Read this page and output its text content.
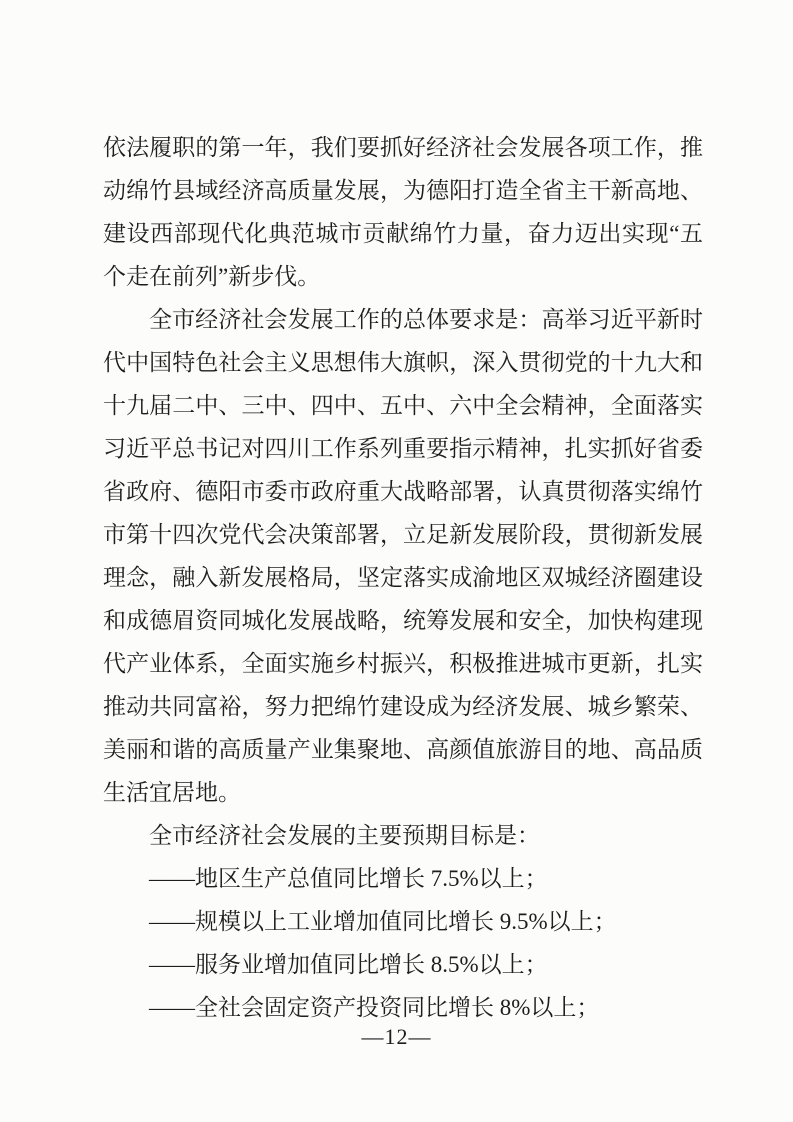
依法履职的第一年，我们要抓好经济社会发展各项工作，推动绵竹县域经济高质量发展，为德阳打造全省主干新高地、建设西部现代化典范城市贡献绵竹力量，奋力迈出实现“五个走在前列”新步伐。

全市经济社会发展工作的总体要求是：高举习近平新时代中国特色社会主义思想伟大旗帜，深入贯彻党的十九大和十九届二中、三中、四中、五中、六中全会精神，全面落实习近平总书记对四川工作系列重要指示精神，扎实抓好省委省政府、德阳市委市政府重大战略部署，认真贯彻落实绵竹市第十四次党代会决策部署，立足新发展阶段，贯彻新发展理念，融入新发展格局，坚定落实成渝地区双城经济圈建设和成德眉资同城化发展战略，统筹发展和安全，加快构建现代产业体系，全面实施乡村振兴，积极推进城市更新，扎实推动共同富裕，努力把绵竹建设成为经济发展、城乡繁荣、美丽和谐的高质量产业集聚地、高颜值旅游目的地、高品质生活宜居地。

全市经济社会发展的主要预期目标是：

——地区生产总值同比增长 7.5%以上；

——规模以上工业增加值同比增长 9.5%以上；

——服务业增加值同比增长 8.5%以上；

——全社会固定资产投资同比增长 8%以上；

—12—
